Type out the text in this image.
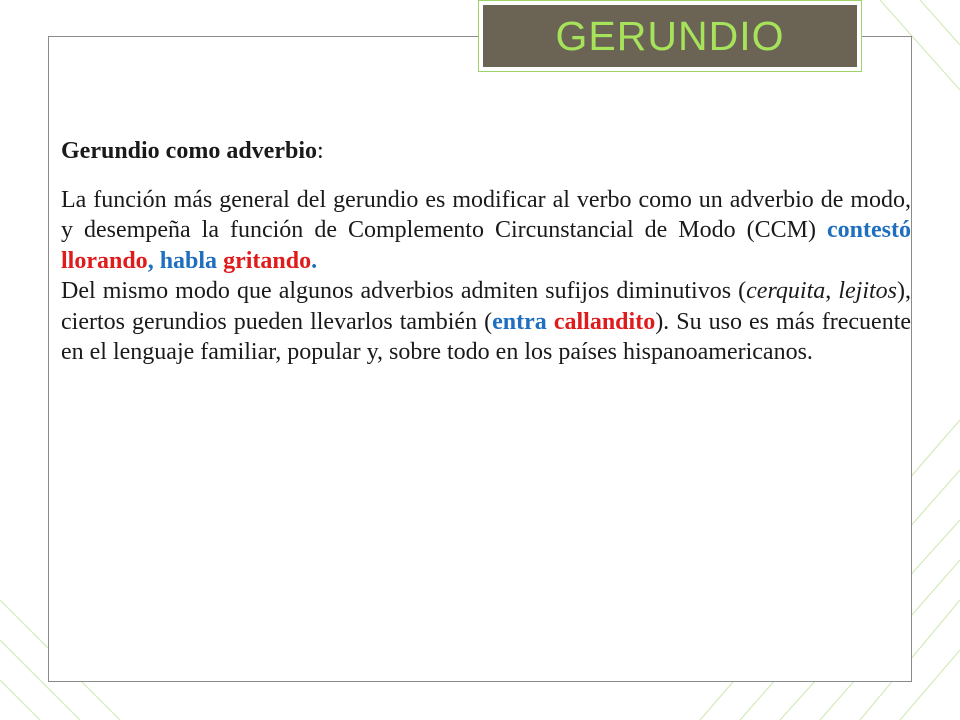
GERUNDIO

Gerundio como adverbio:

La función más general del gerundio es modificar al verbo como un adverbio de modo, y desempeña la función de Complemento Circunstancial de Modo (CCM) contestó llorando, habla gritando.

Del mismo modo que algunos adverbios admiten sufijos diminutivos (cerquita, lejitos), ciertos gerundios pueden llevarlos también (entra callandito). Su uso es más frecuente en el lenguaje familiar, popular y, sobre todo en los países hispanoamericanos.
